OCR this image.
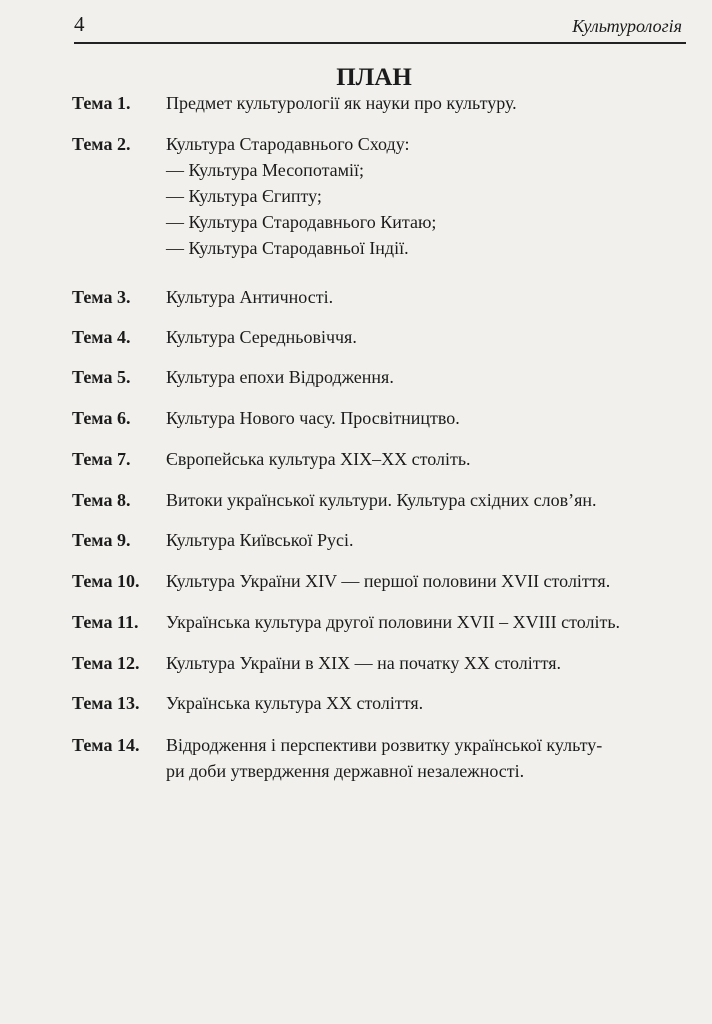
4	Культурологія
ПЛАН
Тема 1.	Предмет культурології як науки про культуру.
Тема 2.	Культура Стародавнього Сходу:
— Культура Месопотамії;
— Культура Єгипту;
— Культура Стародавнього Китаю;
— Культура Стародавньої Індії.
Тема 3.	Культура Античності.
Тема 4.	Культура Середньовіччя.
Тема 5.	Культура епохи Відродження.
Тема 6.	Культура Нового часу. Просвітництво.
Тема 7.	Європейська культура XIX–XX століть.
Тема 8.	Витоки української культури. Культура східних слов’ян.
Тема 9.	Культура Київської Русі.
Тема 10.	Культура України XIV — першої половини XVII століття.
Тема 11.	Українська культура другої половини XVII – XVIII століть.
Тема 12.	Культура України в XIX — на початку XX століття.
Тема 13.	Українська культура XX століття.
Тема 14.	Відродження і перспективи розвитку української культу-
ри доби утвердження державної незалежності.
